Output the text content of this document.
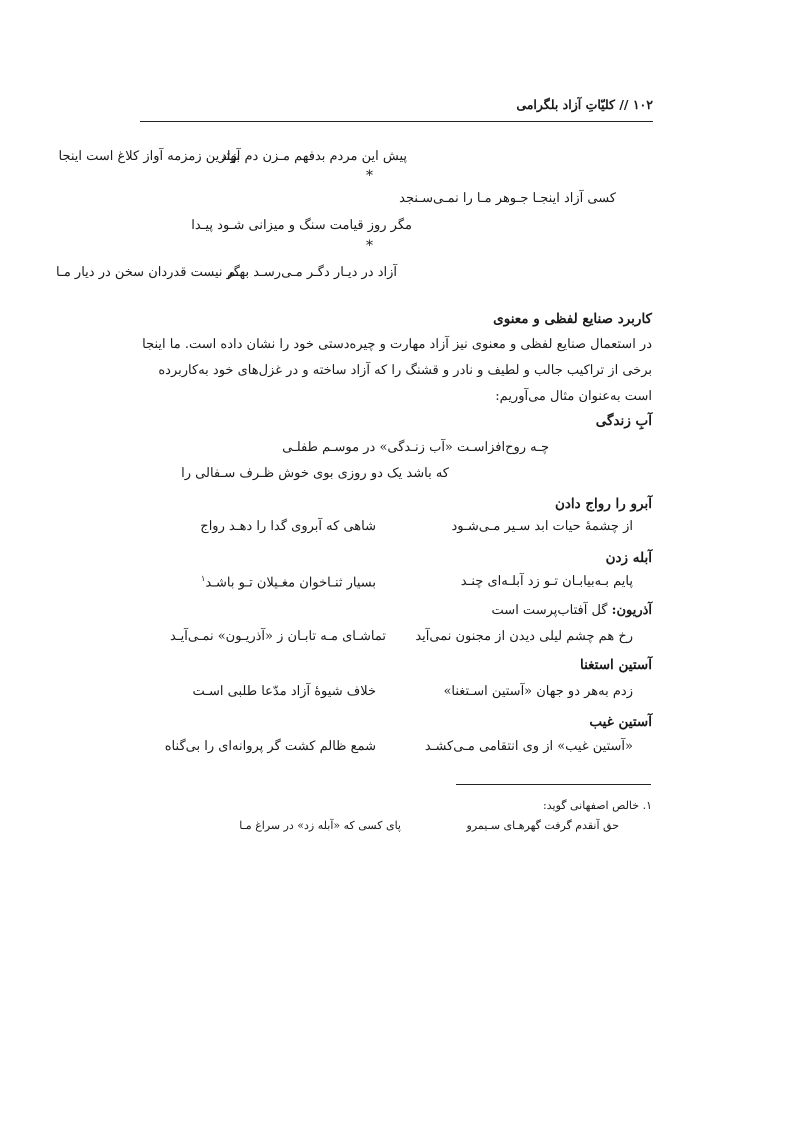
۱۰۲ // کلیّاتِ آزاد بلگرامی
پیش این مردم بدفهم مـزن دم آزاد
بهترین زمزمه آواز کلاغ است اینجا
*
کسی آزاد اینجـا جـوهر مـا را نمـی‌سـنجد
مگر روز قیامت سنگ و میزانی شـود پیـدا
*
آزاد در دیـار دگـر مـی‌رسـد بهـم
گر نیست قدردان سخن در دیار مـا
کاربرد صنایع لفظی و معنوی
در استعمال صنایع لفظی و معنوی نیز آزاد مهارت و چیره‌دستی خود را نشان داده است. ما اینجا
برخی از تراکیب جالب و لطیف و نادر و قشنگ را که آزاد ساخته و در غزل‌های خود به‌کاربرده
است به‌عنوان مثال می‌آوریم:
آبِ زندگی
چـه روح‌افزاسـت «آب زنـدگی» در موسـم طفلـی
که باشد یک دو روزی بوی خوش ظـرف سـفالی را
آبرو را رواج دادن
از چشمهٔ حیات ابد سـیر مـی‌شـود
شاهی که آبروی گدا را دهـد رواج
آبله زدن
پایم بـه‌بیابـان تـو زد آبلـه‌ای چنـد
بسیار ثنـاخوان مغـیلان تـو باشـد$^۱$
آذریون: گل آفتاب‌پرست است
رخ هم چشم لیلی دیدن از مجنون نمی‌آید
تماشـای مـه تابـان ز «آذریـون» نمـی‌آیـد
آستین استغنا
زدم به‌هر دو جهان «آستین اسـتغنا»
خلاف شیوهٔ آزاد مدّعا طلبی اسـت
آستین غیب
«آستین غیب» از وی انتقامی مـی‌کشـد
شمع ظالم کشت گر پروانه‌ای را بی‌گناه
۱. خالص اصفهانی گوید:
حق آنقدم گرفت گهرهـای سـیمرو
پای کسی که «آبله زد» در سراغ مـا
